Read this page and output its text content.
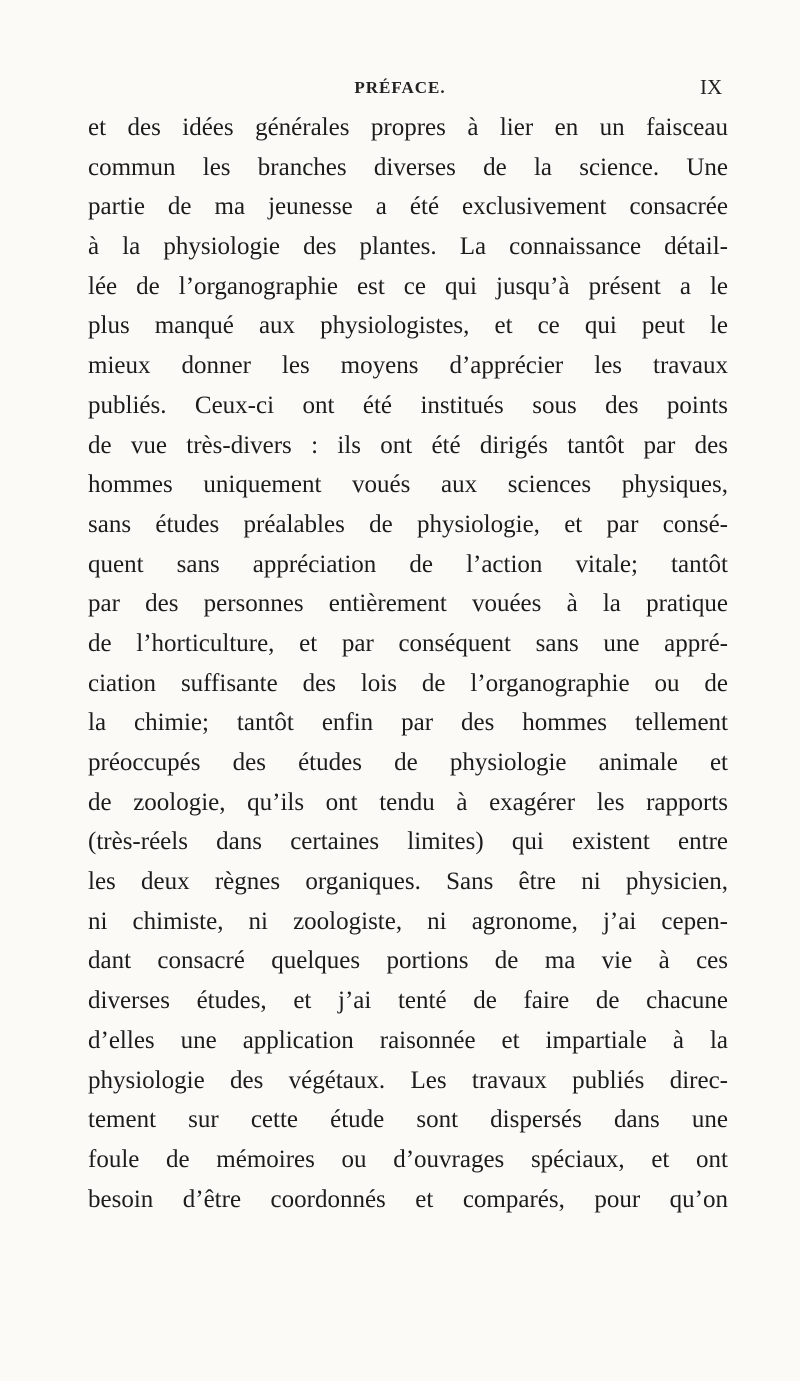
PRÉFACE.	IX
et des idées générales propres à lier en un faisceau
commun les branches diverses de la science. Une
partie de ma jeunesse a été exclusivement consacrée
à la physiologie des plantes. La connaissance détail-
lée de l’organographie est ce qui jusqu’à présent a le
plus manqué aux physiologistes, et ce qui peut le
mieux donner les moyens d’apprécier les travaux
publiés. Ceux-ci ont été institués sous des points
de vue très-divers : ils ont été dirigés tantôt par des
hommes uniquement voués aux sciences physiques,
sans études préalables de physiologie, et par consé-
quent sans appréciation de l’action vitale; tantôt
par des personnes entièrement vouées à la pratique
de l’horticulture, et par conséquent sans une appré-
ciation suffisante des lois de l’organographie ou de
la chimie; tantôt enfin par des hommes tellement
préoccupés des études de physiologie animale et
de zoologie, qu’ils ont tendu à exagérer les rapports
(très-réels dans certaines limites) qui existent entre
les deux règnes organiques. Sans être ni physicien,
ni chimiste, ni zoologiste, ni agronome, j’ai cepen-
dant consacré quelques portions de ma vie à ces
diverses études, et j’ai tenté de faire de chacune
d’elles une application raisonnée et impartiale à la
physiologie des végétaux. Les travaux publiés direc-
tement sur cette étude sont dispersés dans une
foule de mémoires ou d’ouvrages spéciaux, et ont
besoin d’être coordonnés et comparés, pour qu’on
